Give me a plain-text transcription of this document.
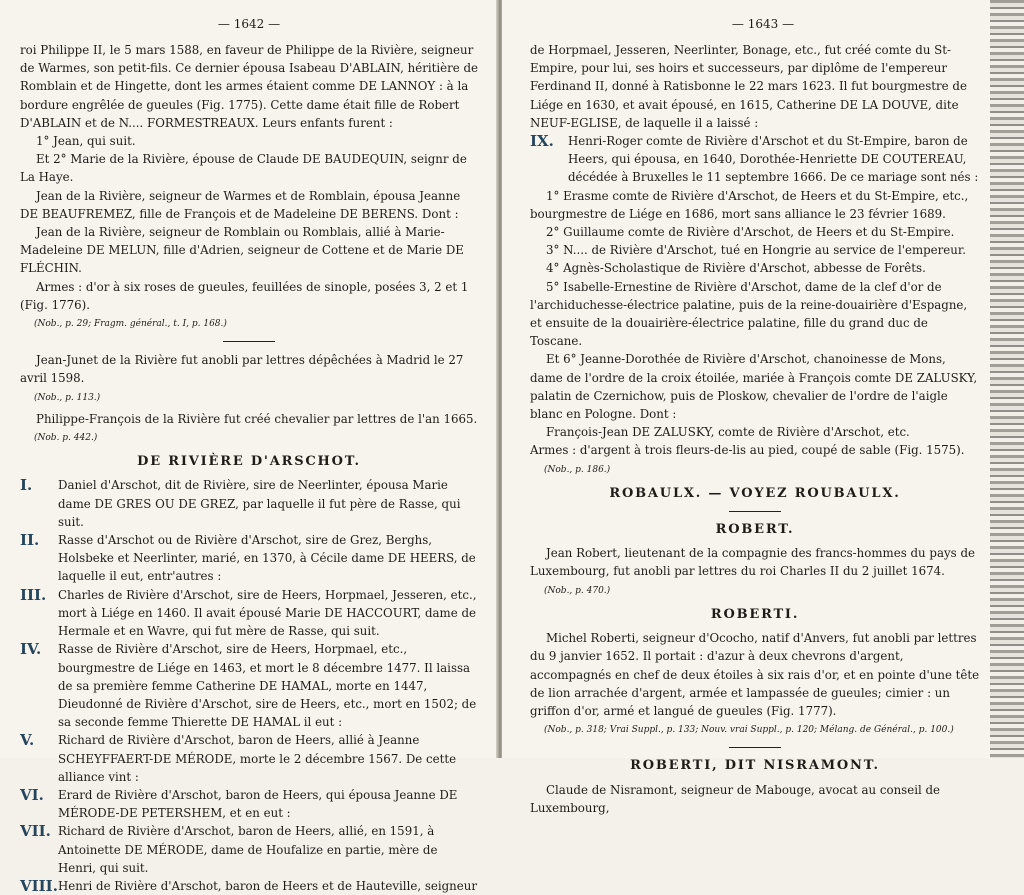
— 1642 —

roi Philippe II, le 5 mars 1588, en faveur de Philippe de la Rivière, seigneur de Warmes, son petit-fils. Ce dernier épousa Isabeau D'ABLAIN, héritière de Romblain et de Hingette, dont les armes étaient comme DE LANNOY : à la bordure engrêlée de gueules (Fig. 1775). Cette dame était fille de Robert D'ABLAIN et de N.... FORMESTREAUX. Leurs enfants furent :

1° Jean, qui suit.

Et 2° Marie de la Rivière, épouse de Claude DE BAUDEQUIN, seignr de La Haye.

Jean de la Rivière, seigneur de Warmes et de Romblain, épousa Jeanne DE BEAUFREMEZ, fille de François et de Madeleine DE BERENS. Dont :

Jean de la Rivière, seigneur de Romblain ou Romblais, allié à Marie-Madeleine DE MELUN, fille d'Adrien, seigneur de Cottene et de Marie DE FLÉCHIN.

Armes : d'or à six roses de gueules, feuillées de sinople, posées 3, 2 et 1 (Fig. 1776).

(Nob., p. 29; Fragm. général., t. I, p. 168.)

Jean-Junet de la Rivière fut anobli par lettres dépêchées à Madrid le 27 avril 1598.

(Nob., p. 113.)

Philippe-François de la Rivière fut créé chevalier par lettres de l'an 1665.

(Nob. p. 442.)

DE RIVIÈRE D'ARSCHOT.
I.	Daniel d'Arschot, dit de Rivière, sire de Neerlinter, épousa Marie dame DE GRES OU DE GREZ, par laquelle il fut père de Rasse, qui suit.
II.	Rasse d'Arschot ou de Rivière d'Arschot, sire de Grez, Berghs, Holsbeke et Neerlinter, marié, en 1370, à Cécile dame DE HEERS, de laquelle il eut, entr'autres :
III. Charles de Rivière d'Arschot, sire de Heers, Horpmael, Jesseren, etc., mort à Liége en 1460. Il avait épousé Marie DE HACCOURT, dame de Hermale et en Wavre, qui fut mère de Rasse, qui suit.
IV.	Rasse de Rivière d'Arschot, sire de Heers, Horpmael, etc., bourgmestre de Liége en 1463, et mort le 8 décembre 1477. Il laissa de sa première femme Catherine DE HAMAL, morte en 1447, Dieudonné de Rivière d'Arschot, sire de Heers, etc., mort en 1502; de sa seconde femme Thierette DE HAMAL il eut :
V.	Richard de Rivière d'Arschot, baron de Heers, allié à Jeanne SCHEYFFAERT-DE MÉRODE, morte le 2 décembre 1567. De cette alliance vint :
VI.	Erard de Rivière d'Arschot, baron de Heers, qui épousa Jeanne DE MÉRODE-DE PETERSHEM, et en eut :
VII. Richard de Rivière d'Arschot, baron de Heers, allié, en 1591, à Antoinette DE MÉRODE, dame de Houfalize en partie, mère de Henri, qui suit.
VIII. Henri de Rivière d'Arschot, baron de Heers et de Hauteville, seigneur
— 1643 —

de Horpmael, Jesseren, Neerlinter, Bonage, etc., fut créé comte du St-Empire, pour lui, ses hoirs et successeurs, par diplôme de l'empereur Ferdinand II, donné à Ratisbonne le 22 mars 1623. Il fut bourgmestre de Liége en 1630, et avait épousé, en 1615, Catherine DE LA DOUVE, dite NEUF-EGLISE, de laquelle il a laissé :

IX.	Henri-Roger comte de Rivière d'Arschot et du St-Empire, baron de Heers, qui épousa, en 1640, Dorothée-Henriette DE COUTEREAU, décédée à Bruxelles le 11 septembre 1666. De ce mariage sont nés :

1° Erasme comte de Rivière d'Arschot, de Heers et du St-Empire, etc., bourgmestre de Liége en 1686, mort sans alliance le 23 février 1689.

2° Guillaume comte de Rivière d'Arschot, de Heers et du St-Empire.

3° N.... de Rivière d'Arschot, tué en Hongrie au service de l'empereur.

4° Agnès-Scholastique de Rivière d'Arschot, abbesse de Forêts.

5° Isabelle-Ernestine de Rivière d'Arschot, dame de la clef d'or de l'archiduchesse-électrice palatine, puis de la reine-douairière d'Espagne, et ensuite de la douairière-électrice palatine, fille du grand duc de Toscane.

Et 6° Jeanne-Dorothée de Rivière d'Arschot, chanoinesse de Mons, dame de l'ordre de la croix étoilée, mariée à François comte DE ZALUSKY, palatin de Czernichow, puis de Ploskow, chevalier de l'ordre de l'aigle blanc en Pologne. Dont :

François-Jean DE ZALUSKY, comte de Rivière d'Arschot, etc.

Armes : d'argent à trois fleurs-de-lis au pied, coupé de sable (Fig. 1575).

(Nob., p. 186.)

ROBAULX. — VOYEZ ROUBAULX.
ROBERT.

Jean Robert, lieutenant de la compagnie des francs-hommes du pays de Luxembourg, fut anobli par lettres du roi Charles II du 2 juillet 1674.

(Nob., p. 470.)

ROBERTI.

Michel Roberti, seigneur d'Ococho, natif d'Anvers, fut anobli par lettres du 9 janvier 1652. Il portait : d'azur à deux chevrons d'argent, accompagnés en chef de deux étoiles à six rais d'or, et en pointe d'une tête de lion arrachée d'argent, armée et lampassée de gueules; cimier : un griffon d'or, armé et langué de gueules (Fig. 1777).

(Nob., p. 318; Vrai Suppl., p. 133; Nouv. vrai Suppl., p. 120; Mélang. de Général., p. 100.)

ROBERTI, DIT NISRAMONT.

Claude de Nisramont, seigneur de Mabouge, avocat au conseil de Luxembourg,
